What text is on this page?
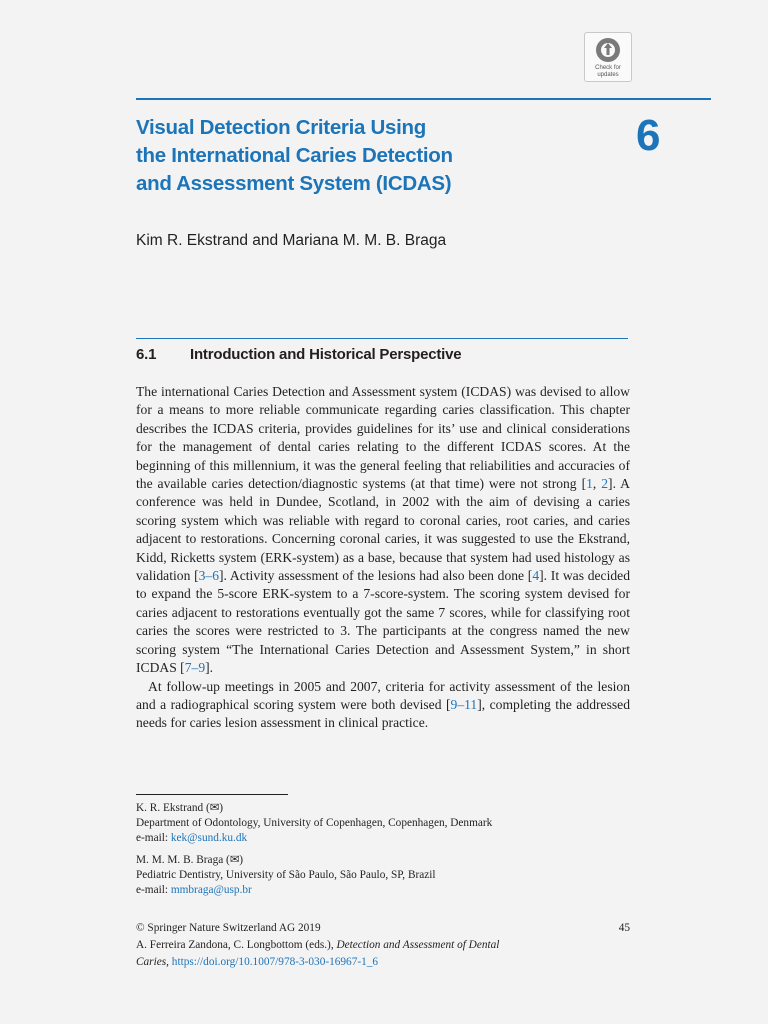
Check for updates
Visual Detection Criteria Using
the International Caries Detection
and Assessment System (ICDAS)
6
Kim R. Ekstrand and Mariana M. M. B. Braga
6.1 Introduction and Historical Perspective

The international Caries Detection and Assessment system (ICDAS) was devised to allow for a means to more reliable communicate regarding caries classification. This chapter describes the ICDAS criteria, provides guidelines for its’ use and clinical considerations for the management of dental caries relating to the different ICDAS scores. At the beginning of this millennium, it was the general feeling that reliabilities and accuracies of the available caries detection/diagnostic systems (at that time) were not strong [1, 2]. A conference was held in Dundee, Scotland, in 2002 with the aim of devising a caries scoring system which was reliable with regard to coronal caries, root caries, and caries adjacent to restorations. Concerning coronal caries, it was suggested to use the Ekstrand, Kidd, Ricketts system (ERK-system) as a base, because that system had used histology as validation [3–6]. Activity assessment of the lesions had also been done [4]. It was decided to expand the 5-score ERK-system to a 7-score-system. The scoring system devised for caries adjacent to restorations eventually got the same 7 scores, while for classifying root caries the scores were restricted to 3. The participants at the congress named the new scoring system “The International Caries Detection and Assessment System,” in short ICDAS [7–9].

At follow-up meetings in 2005 and 2007, criteria for activity assessment of the lesion and a radiographical scoring system were both devised [9–11], completing the addressed needs for caries lesion assessment in clinical practice.

K. R. Ekstrand (✉)
Department of Odontology, University of Copenhagen, Copenhagen, Denmark
e-mail: kek@sund.ku.dk
M. M. M. B. Braga (✉)
Pediatric Dentistry, University of São Paulo, São Paulo, SP, Brazil
e-mail: mmbraga@usp.br
© Springer Nature Switzerland AG 2019
A. Ferreira Zandona, C. Longbottom (eds.), Detection and Assessment of Dental
Caries, https://doi.org/10.1007/978-3-030-16967-1_6
45
